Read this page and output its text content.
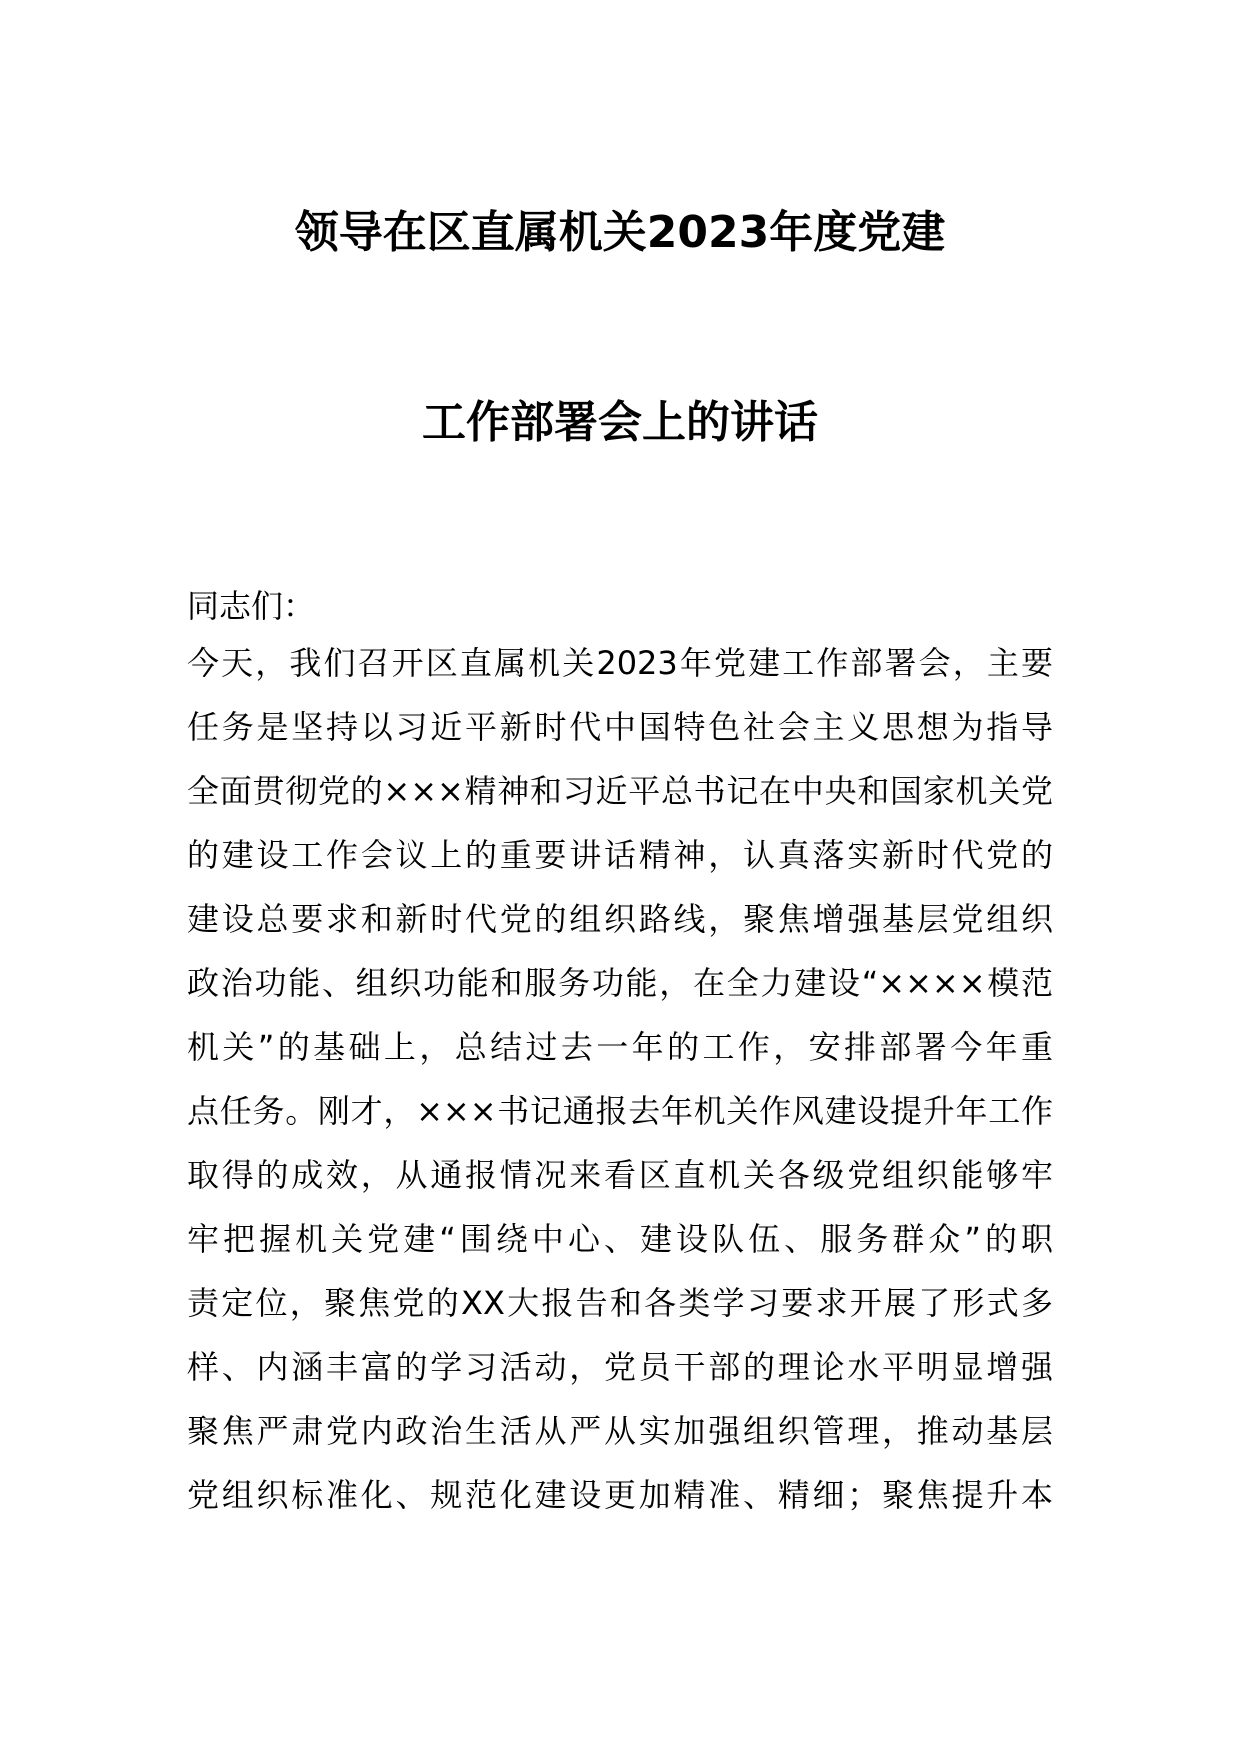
领导在区直属机关2023年度党建
工作部署会上的讲话
同志们：
今天，我们召开区直属机关2023年党建工作部署会，主要
任务是坚持以习近平新时代中国特色社会主义思想为指导
全面贯彻党的×××精神和习近平总书记在中央和国家机关党
的建设工作会议上的重要讲话精神，认真落实新时代党的
建设总要求和新时代党的组织路线，聚焦增强基层党组织
政治功能、组织功能和服务功能，在全力建设“××××模范
机关”的基础上，总结过去一年的工作，安排部署今年重
点任务。刚才，×××书记通报去年机关作风建设提升年工作
取得的成效，从通报情况来看区直机关各级党组织能够牢
牢把握机关党建“围绕中心、建设队伍、服务群众”的职
责定位，聚焦党的XX大报告和各类学习要求开展了形式多
样、内涵丰富的学习活动，党员干部的理论水平明显增强
聚焦严肃党内政治生活从严从实加强组织管理，推动基层
党组织标准化、规范化建设更加精准、精细；聚焦提升本
